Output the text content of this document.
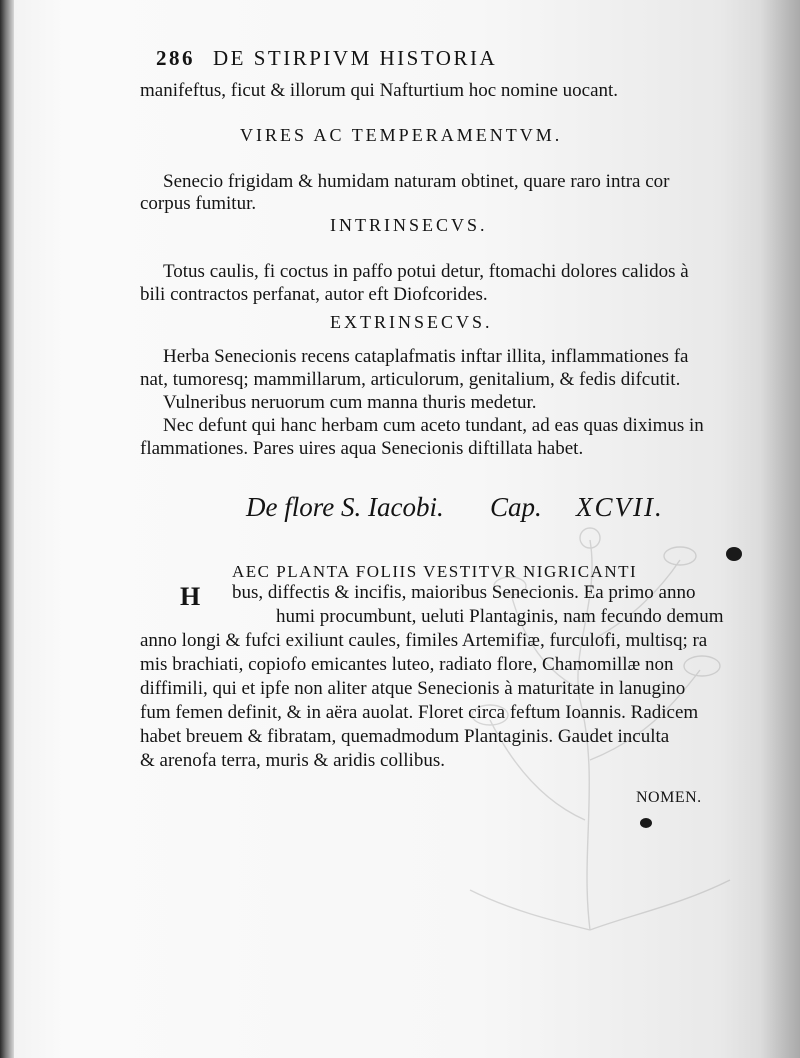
286 DE STIRPIVM HISTORIA
manifeftus, ficut & illorum qui Nafturtium hoc nomine uocant.
VIRES AC TEMPERAMENTVM.
Senecio frigidam & humidam naturam obtinet, quare raro intra cor
corpus fumitur.
INTRINSECVS.
Totus caulis, fi coctus in paffo potui detur, ftomachi dolores calidos à
bili contractos perfanat, autor eft Diofcorides.
EXTRINSECVS.
Herba Senecionis recens cataplafmatis inftar illita, inflammationes fa
nat, tumoresq; mammillarum, articulorum, genitalium, & fedis difcutit.
Vulneribus neruorum cum manna thuris medetur.
Nec defunt qui hanc herbam cum aceto tundant, ad eas quas diximus in
flammationes. Pares uires aqua Senecionis diftillata habet.
De flore S. Iacobi. Cap. XCVII.
AEC PLANTA FOLIIS VESTITVR NIGRICANTI
H bus, diffectis & incifis, maioribus Senecionis. Ea primo anno
humi procumbunt, ueluti Plantaginis, nam fecundo demum
anno longi & fufci exiliunt caules, fimiles Artemifiæ, furculofi, multisq; ra
mis brachiati, copiofo emicantes luteo, radiato flore, Chamomillæ non
diffimili, qui et ipfe non aliter atque Senecionis à maturitate in lanugino
fum femen definit, & in aëra auolat. Floret circa feftum Ioannis. Radicem
habet breuem & fibratam, quemadmodum Plantaginis. Gaudet inculta
& arenofa terra, muris & aridis collibus.
NOMEN.
